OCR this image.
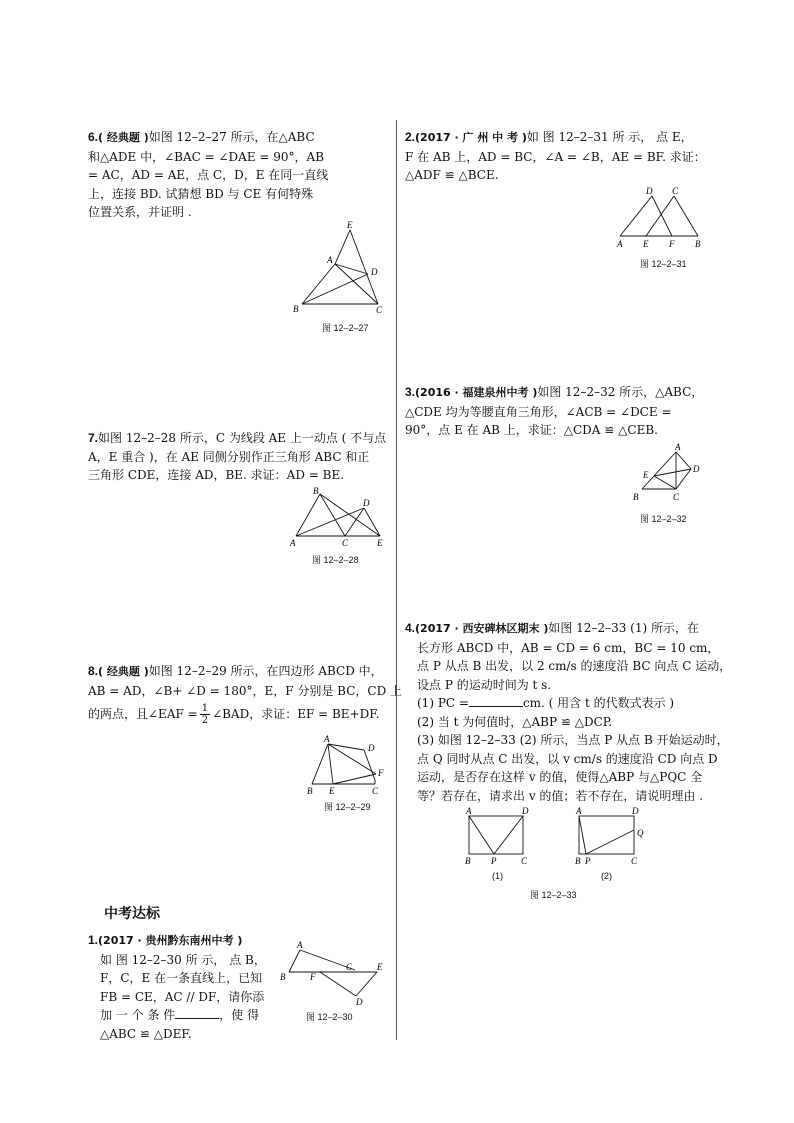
6.( 经典题 )如图 12–2–27 所示，在△ABC
和△ADE 中，∠BAC = ∠DAE = 90°，AB
= AC，AD = AE，点 C，D，E 在同一直线
上，连接 BD. 试猜想 BD 与 CE 有何特殊
位置关系，并证明 .
E
A
D
B	C
图 12–2–27
7.如图 12–2–28 所示，C 为线段 AE 上一动点 ( 不与点
A，E 重合 )，在 AE 同侧分别作正三角形 ABC 和正
三角形 CDE，连接 AD，BE. 求证：AD = BE.
B
D
A	C	E
图 12–2–28
8.( 经典题 )如图 12–2–29 所示，在四边形 ABCD 中，
AB = AD，∠B+ ∠D = 180°，E，F 分别是 BC，CD 上
的两点，且∠EAF = $\frac{1}{2}$ ∠BAD，求证：EF = BE+DF.
A
D
F
B E	C
图 12–2–29
中考达标
1.(2017 · 贵州黔东南州中考 )
如 图 12–2–30 所 示， 点 B，
F，C，E 在一条直线上，已知
FB = CE，AC // DF，请你添
加 一 个 条 件	，使 得
△ABC ≌ △DEF.
A
B	F
C	E
D
图 12–2–30
2.(2017 · 广 州 中 考 )如 图 12–2–31 所 示， 点 E，
F 在 AB 上，AD = BC，∠A = ∠B，AE = BF. 求证：
△ADF ≌ △BCE.
D C
A E F B
图 12–2–31
3.(2016 · 福建泉州中考 )如图 12–2–32 所示，△ABC，
△CDE 均为等腰直角三角形，∠ACB = ∠DCE =
90°，点 E 在 AB 上，求证：△CDA ≌ △CEB.
A
D
E
B	C
图 12–2–32
4.(2017 · 西安碑林区期末 )如图 12–2–33 (1) 所示，在
长方形 ABCD 中，AB = CD = 6 cm，BC = 10 cm，
点 P 从点 B 出发，以 2 cm/s 的速度沿 BC 向点 C 运动，
设点 P 的运动时间为 t s.
(1) PC =	cm. ( 用含 t 的代数式表示 )
(2) 当 t 为何值时，△ABP ≌ △DCP.
(3) 如图 12–2–33 (2) 所示，当点 P 从点 B 开始运动时，
点 Q 同时从点 C 出发，以 v cm/s 的速度沿 CD 向点 D
运动，是否存在这样 v 的值，使得△ABP 与△PQC 全
等？若存在，请求出 v 的值；若不存在，请说明理由 .
A	D
B P	C
(1)
A	D
Q
B P	C
(2)
图 12–2–33
